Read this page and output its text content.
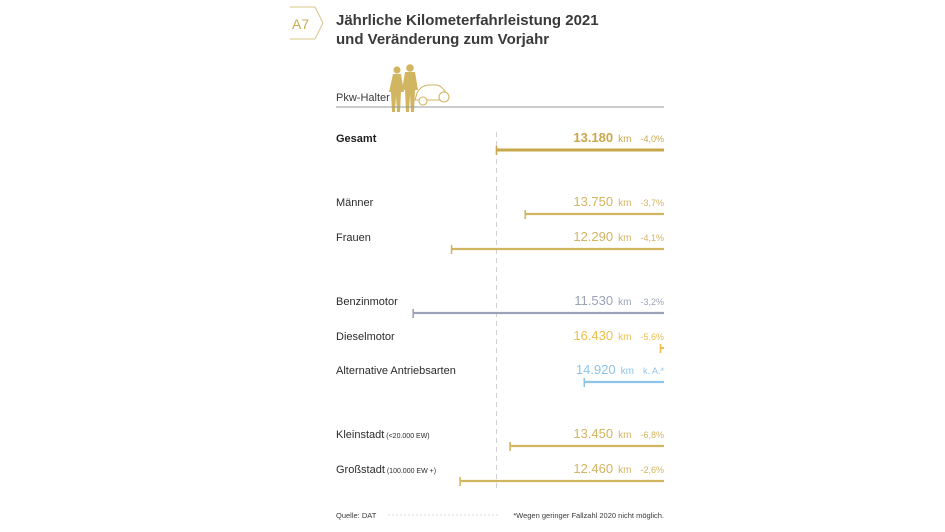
A7 Jährliche Kilometerfahrleistung 2021
und Veränderung zum Vorjahr
Pkw-Halter
Gesamt	13.180  km   -4,0%
Männer	13.750  km   -3,7%
Frauen	12.290  km   -4,1%
Benzinmotor	11.530  km   -3,2%
Dieselmotor	16.430  km   -5,6%
Alternative Antriebsarten	14.920  km   k. A.*
Kleinstadt (<20.000 EW)	13.450  km   -6,8%
Großstadt (100.000 EW +)	12.460  km   -2,6%
Quelle: DAT	*Wegen geringer Fallzahl 2020 nicht möglich.
